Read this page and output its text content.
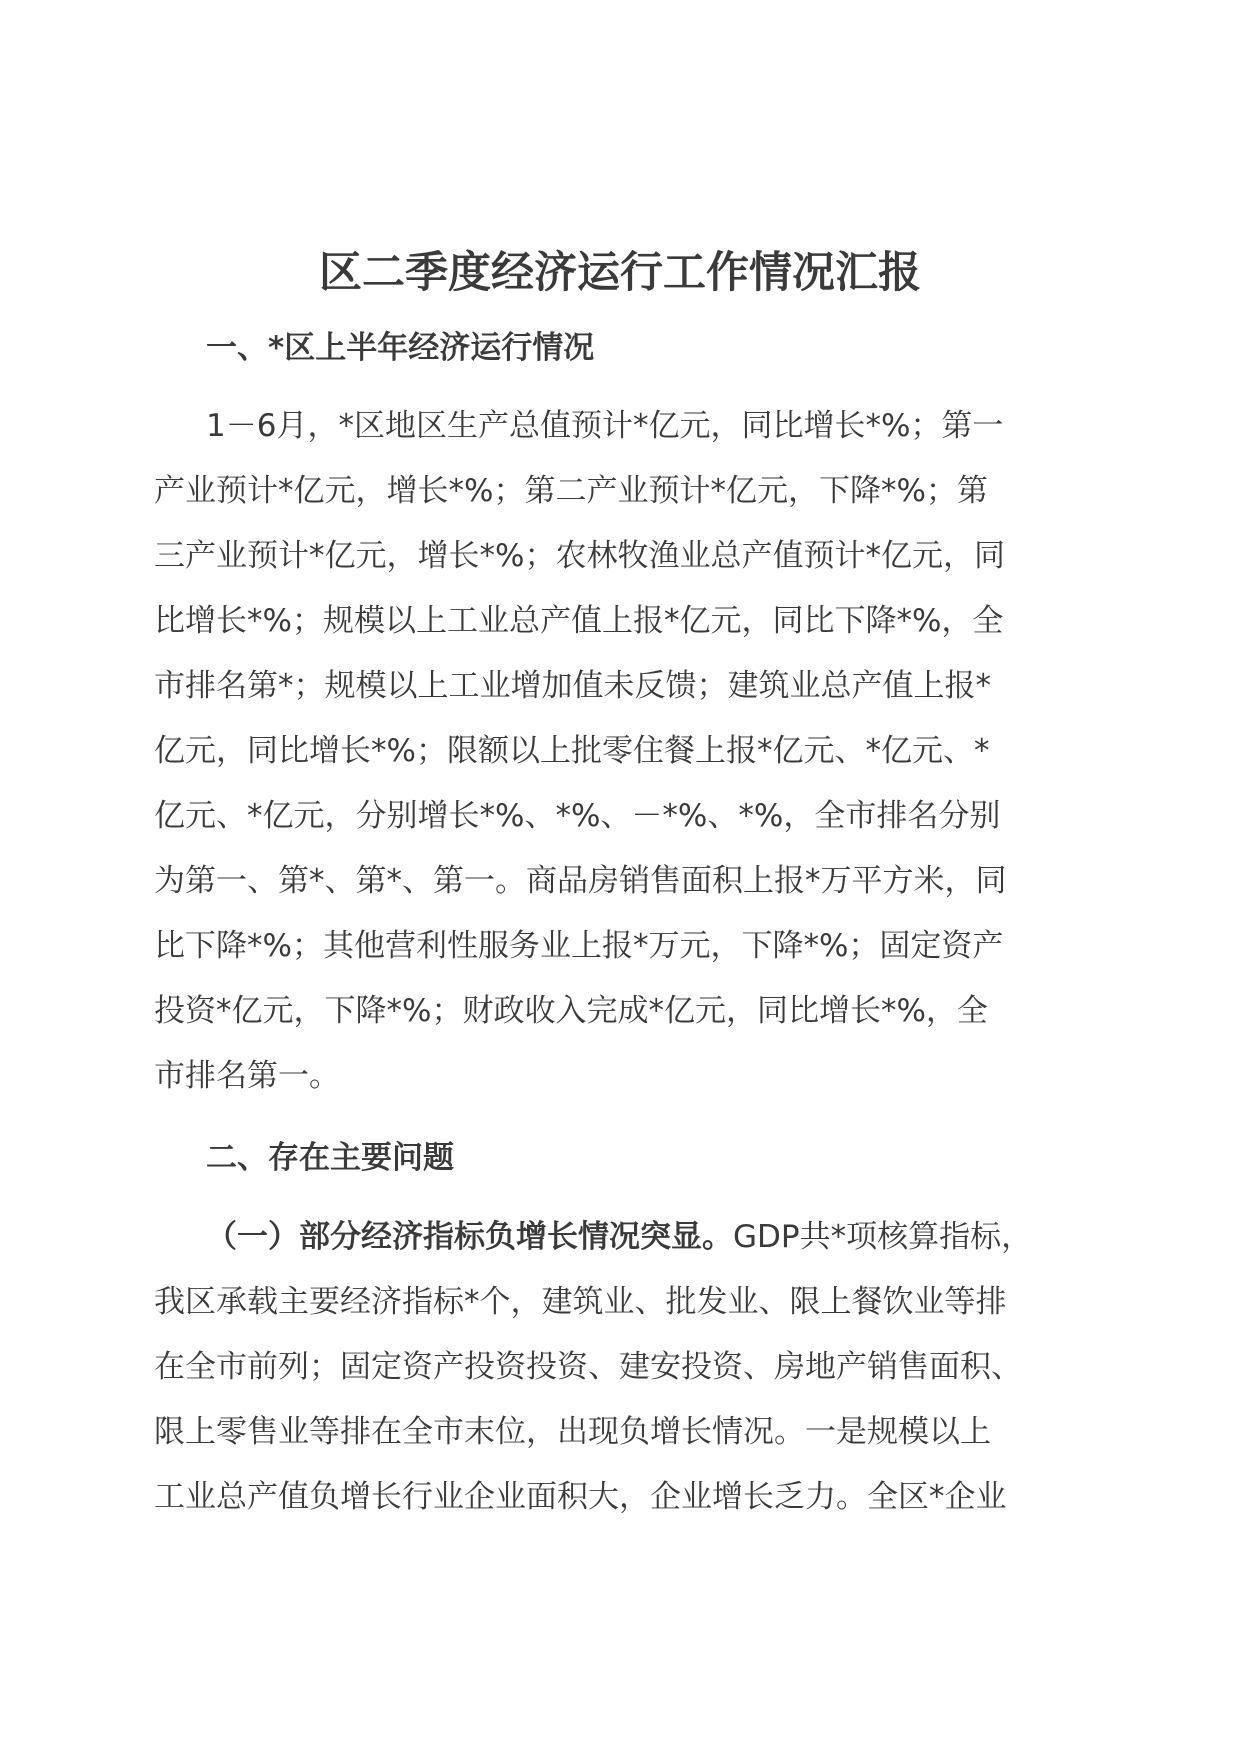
区二季度经济运行工作情况汇报
一、*区上半年经济运行情况
1－6月，*区地区生产总值预计*亿元，同比增长*%；第一
产业预计*亿元，增长*%；第二产业预计*亿元，下降*%；第
三产业预计*亿元，增长*%；农林牧渔业总产值预计*亿元，同
比增长*%；规模以上工业总产值上报*亿元，同比下降*%，全
市排名第*；规模以上工业增加值未反馈；建筑业总产值上报*
亿元，同比增长*%；限额以上批零住餐上报*亿元、*亿元、*
亿元、*亿元，分别增长*%、*%、－*%、*%，全市排名分别
为第一、第*、第*、第一。商品房销售面积上报*万平方米，同
比下降*%；其他营利性服务业上报*万元，下降*%；固定资产
投资*亿元，下降*%；财政收入完成*亿元，同比增长*%，全
市排名第一。
二、存在主要问题
（一）部分经济指标负增长情况突显。GDP共*项核算指标，
我区承载主要经济指标*个，建筑业、批发业、限上餐饮业等排
在全市前列；固定资产投资投资、建安投资、房地产销售面积、
限上零售业等排在全市末位，出现负增长情况。一是规模以上
工业总产值负增长行业企业面积大，企业增长乏力。全区*企业
